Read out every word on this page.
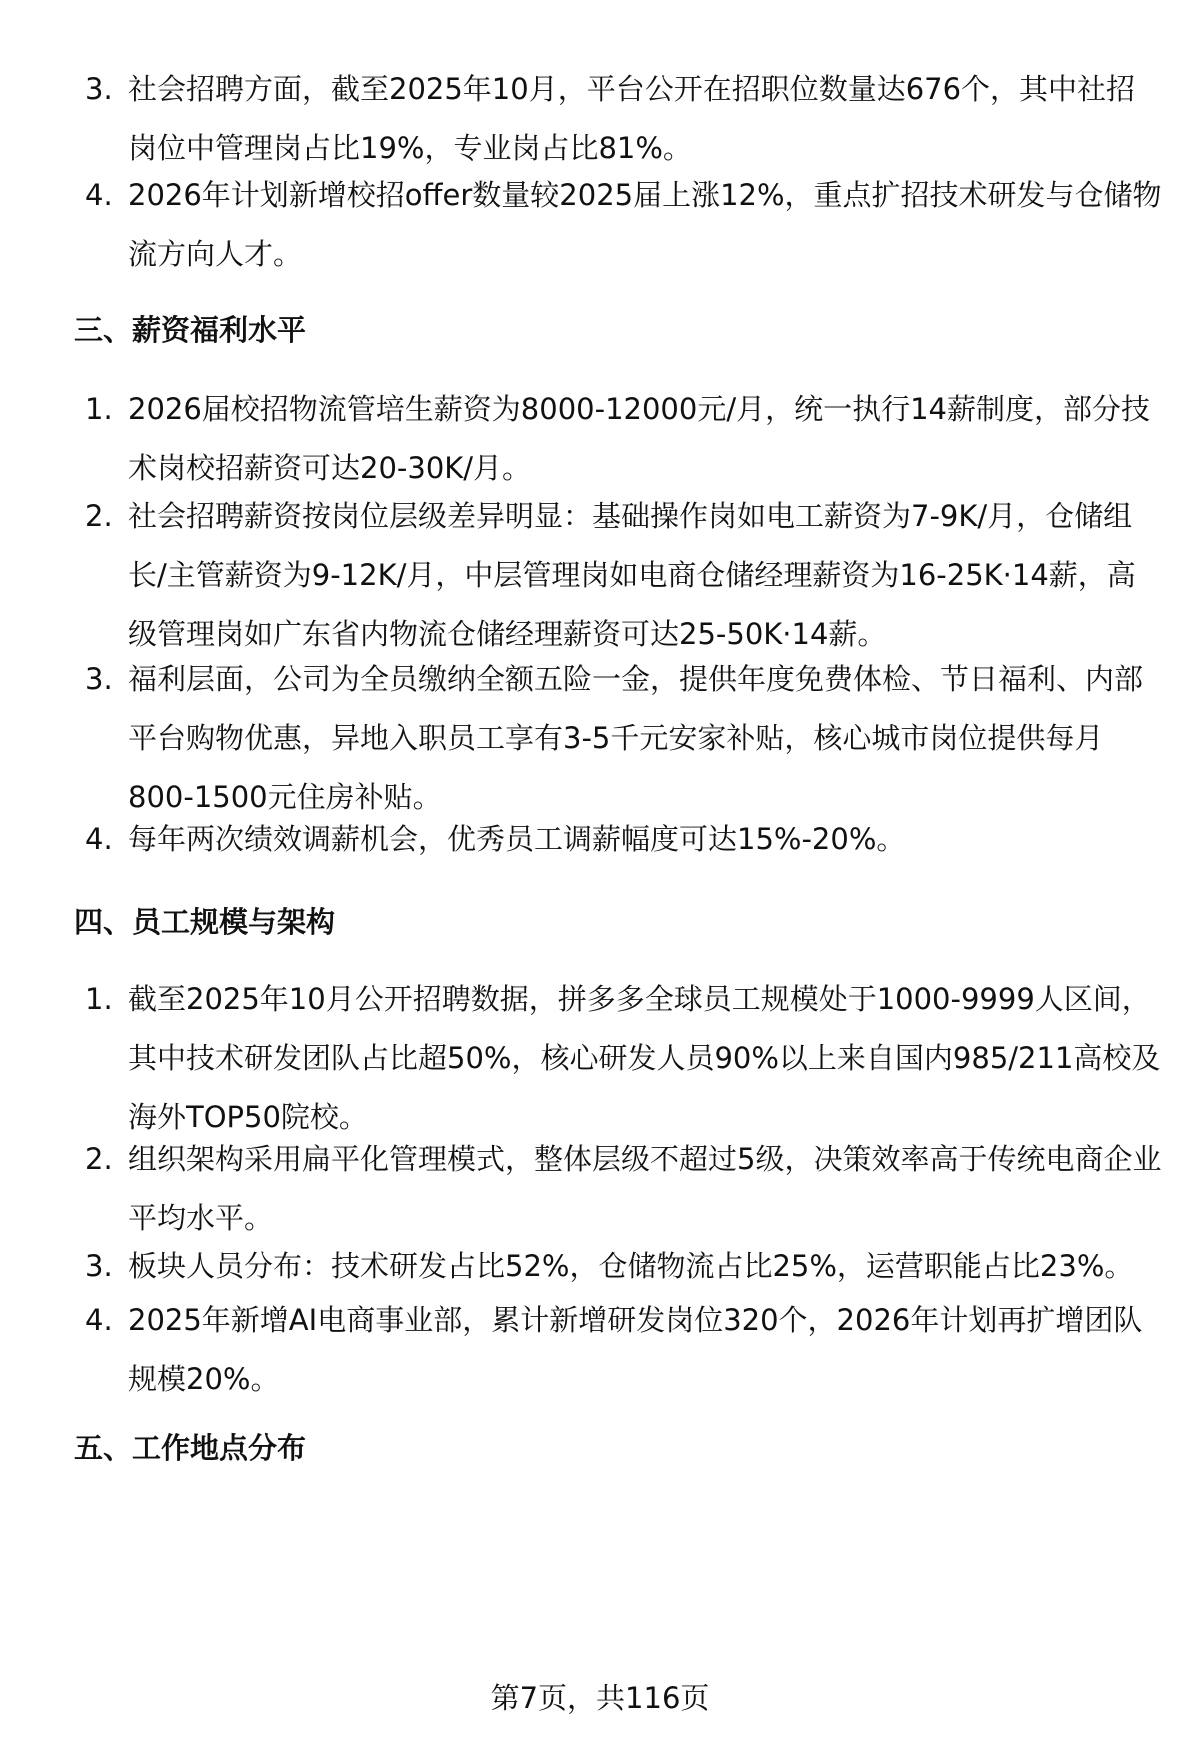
3. 社会招聘方面，截至2025年10月，平台公开在招职位数量达676个，其中社招岗位中管理岗占比19%，专业岗占比81%。
4. 2026年计划新增校招offer数量较2025届上涨12%，重点扩招技术研发与仓储物流方向人才。
三、薪资福利水平
1. 2026届校招物流管培生薪资为8000-12000元/月，统一执行14薪制度，部分技术岗校招薪资可达20-30K/月。
2. 社会招聘薪资按岗位层级差异明显：基础操作岗如电工薪资为7-9K/月，仓储组长/主管薪资为9-12K/月，中层管理岗如电商仓储经理薪资为16-25K·14薪，高级管理岗如广东省内物流仓储经理薪资可达25-50K·14薪。
3. 福利层面，公司为全员缴纳全额五险一金，提供年度免费体检、节日福利、内部平台购物优惠，异地入职员工享有3-5千元安家补贴，核心城市岗位提供每月800-1500元住房补贴。
4. 每年两次绩效调薪机会，优秀员工调薪幅度可达15%-20%。
四、员工规模与架构
1. 截至2025年10月公开招聘数据，拼多多全球员工规模处于1000-9999人区间，其中技术研发团队占比超50%，核心研发人员90%以上来自国内985/211高校及海外TOP50院校。
2. 组织架构采用扁平化管理模式，整体层级不超过5级，决策效率高于传统电商企业平均水平。
3. 板块人员分布：技术研发占比52%，仓储物流占比25%，运营职能占比23%。
4. 2025年新增AI电商事业部，累计新增研发岗位320个，2026年计划再扩增团队规模20%。
五、工作地点分布
第7页，共116页
